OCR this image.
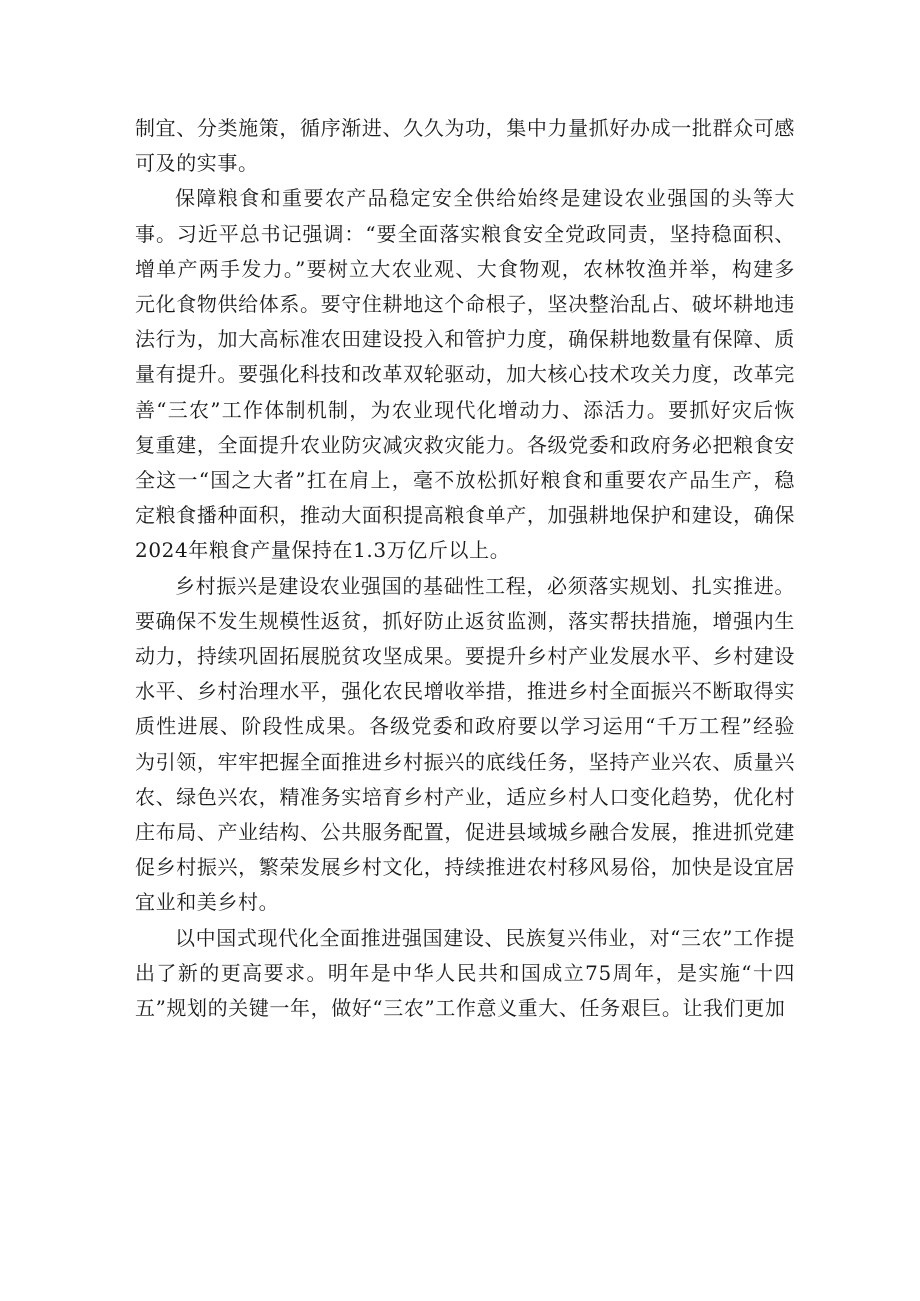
制宜、分类施策，循序渐进、久久为功，集中力量抓好办成一批群众可感可及的实事。

保障粮食和重要农产品稳定安全供给始终是建设农业强国的头等大事。习近平总书记强调：“要全面落实粮食安全党政同责，坚持稳面积、增单产两手发力。”要树立大农业观、大食物观，农林牧渔并举，构建多元化食物供给体系。要守住耕地这个命根子，坚决整治乱占、破坏耕地违法行为，加大高标准农田建设投入和管护力度，确保耕地数量有保障、质量有提升。要强化科技和改革双轮驱动，加大核心技术攻关力度，改革完善“三农”工作体制机制，为农业现代化增动力、添活力。要抓好灾后恢复重建，全面提升农业防灾减灾救灾能力。各级党委和政府务必把粮食安全这一“国之大者”扛在肩上，毫不放松抓好粮食和重要农产品生产，稳定粮食播种面积，推动大面积提高粮食单产，加强耕地保护和建设，确保2024年粮食产量保持在1.3万亿斤以上。

乡村振兴是建设农业强国的基础性工程，必须落实规划、扎实推进。要确保不发生规模性返贫，抓好防止返贫监测，落实帮扶措施，增强内生动力，持续巩固拓展脱贫攻坚成果。要提升乡村产业发展水平、乡村建设水平、乡村治理水平，强化农民增收举措，推进乡村全面振兴不断取得实质性进展、阶段性成果。各级党委和政府要以学习运用“千万工程”经验为引领，牢牢把握全面推进乡村振兴的底线任务，坚持产业兴农、质量兴农、绿色兴农，精准务实培育乡村产业，适应乡村人口变化趋势，优化村庄布局、产业结构、公共服务配置，促进县域城乡融合发展，推进抓党建促乡村振兴，繁荣发展乡村文化，持续推进农村移风易俗，加快是设宜居宜业和美乡村。

以中国式现代化全面推进强国建设、民族复兴伟业，对“三农”工作提出了新的更高要求。明年是中华人民共和国成立75周年，是实施“十四五”规划的关键一年，做好“三农”工作意义重大、任务艰巨。让我们更加
